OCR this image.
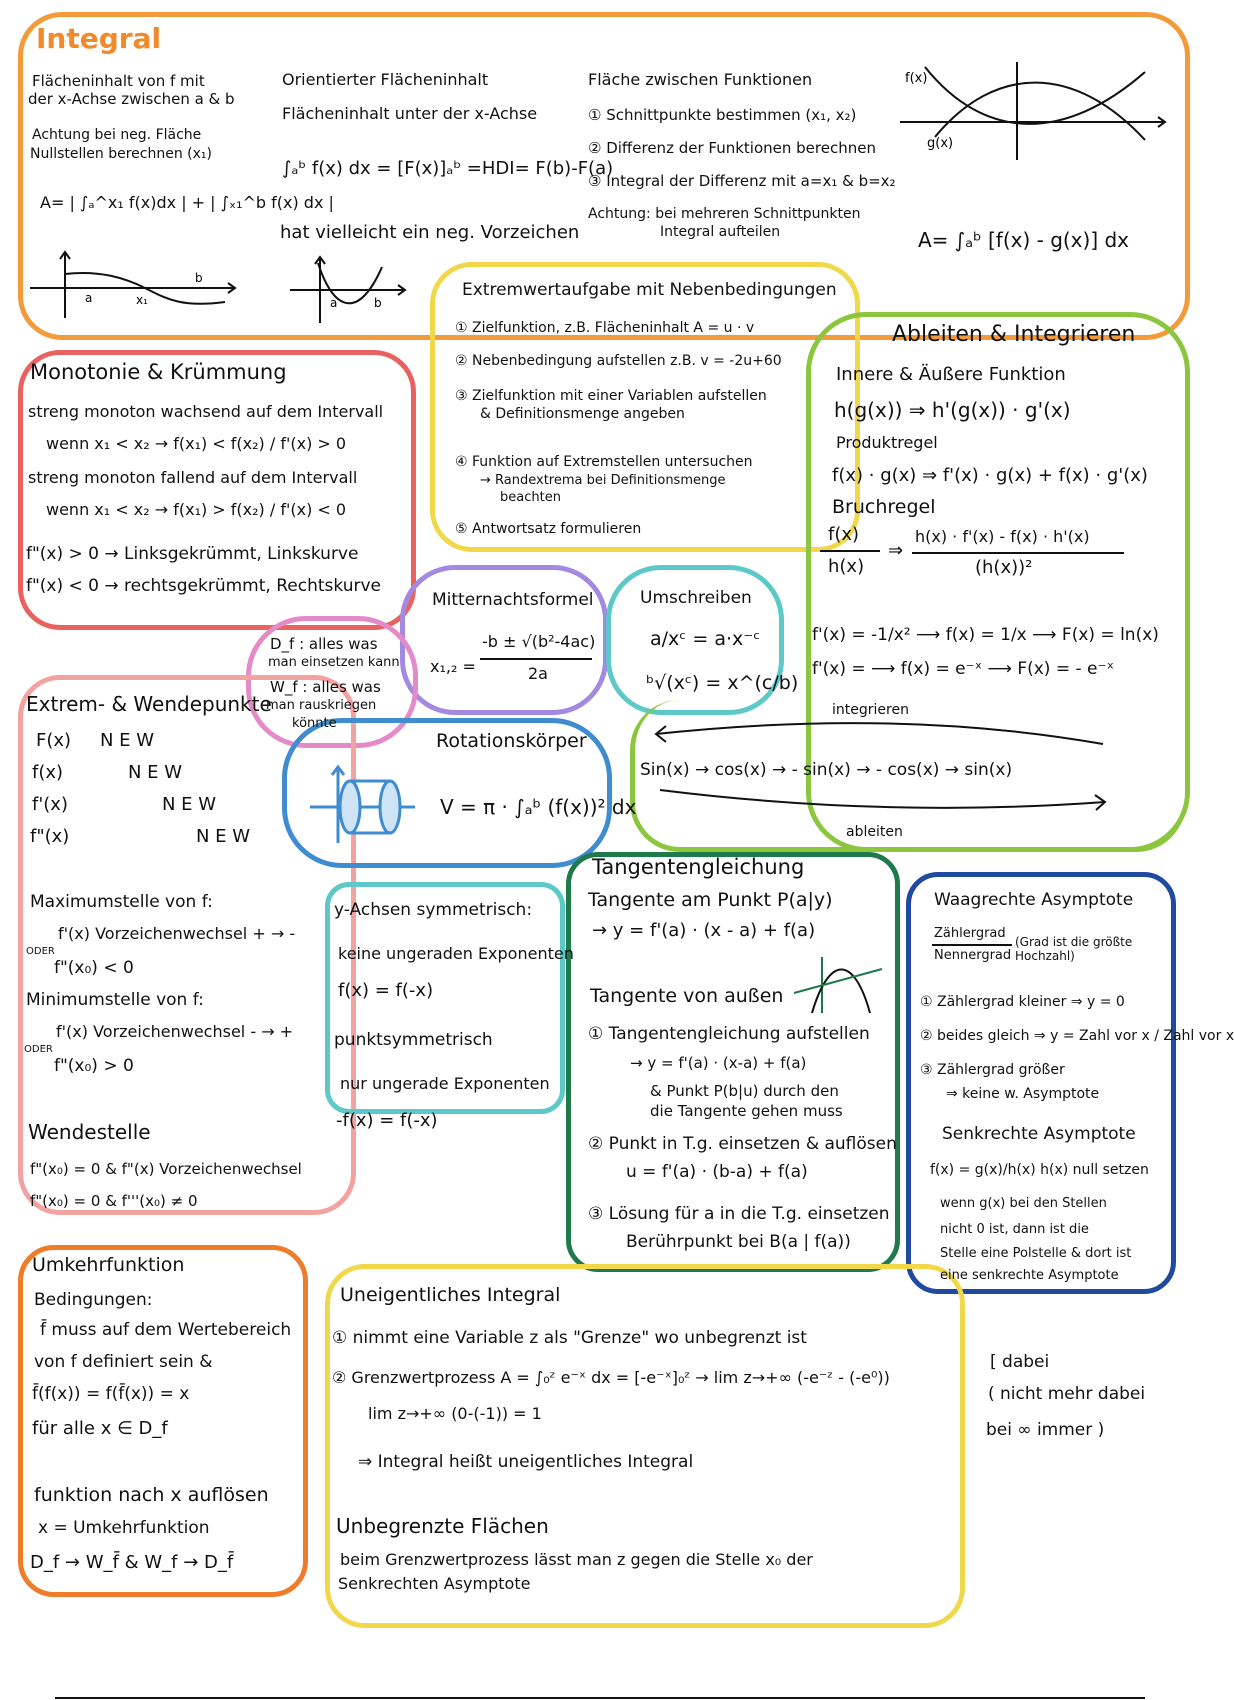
Integral
Flächeninhalt von f mit
der x-Achse zwischen a & b
Achtung bei neg. Fläche
Nullstellen berechnen (x₁)
A= | ∫ₐ^x₁ f(x)dx | + | ∫ₓ₁^b f(x) dx |
a	x₁
b
Orientierter Flächeninhalt
Flächeninhalt unter der x-Achse
∫ₐᵇ f(x) dx = [F(x)]ₐᵇ =HDI= F(b)-F(a)
hat vielleicht ein neg. Vorzeichen
a	b
Fläche zwischen Funktionen
① Schnittpunkte bestimmen (x₁, x₂)
② Differenz der Funktionen berechnen
③ Integral der Differenz mit a=x₁ & b=x₂
Achtung: bei mehreren Schnittpunkten
Integral aufteilen
f(x)
g(x)
A= ∫ₐᵇ [f(x) - g(x)] dx
Extremwertaufgabe mit Nebenbedingungen
① Zielfunktion, z.B. Flächeninhalt A = u · v
② Nebenbedingung aufstellen z.B. v = -2u+60
③ Zielfunktion mit einer Variablen aufstellen
& Definitionsmenge angeben
④ Funktion auf Extremstellen untersuchen
→ Randextrema bei Definitionsmenge
beachten
⑤ Antwortsatz formulieren
Ableiten & Integrieren
Innere & Äußere Funktion
h(g(x)) ⇒ h'(g(x)) · g'(x)
Produktregel
f(x) · g(x) ⇒ f'(x) · g(x) + f(x) · g'(x)
Bruchregel
f(x)
h(x)
⇒
h(x) · f'(x) - f(x) · h'(x)
(h(x))²
f'(x) = -1/x² ⟶ f(x) = 1/x ⟶ F(x) = ln(x)
f'(x) = ⟶ f(x) = e⁻ˣ ⟶ F(x) = - e⁻ˣ
integrieren
Sin(x) → cos(x) → - sin(x) → - cos(x) → sin(x)
ableiten
Monotonie & Krümmung
streng monoton wachsend auf dem Intervall
wenn x₁ < x₂ → f(x₁) < f(x₂) / f'(x) > 0
streng monoton fallend auf dem Intervall
wenn x₁ < x₂ → f(x₁) > f(x₂) / f'(x) < 0
f"(x) > 0 → Linksgekrümmt, Linkskurve
f"(x) < 0 → rechtsgekrümmt, Rechtskurve
Mitternachtsformel
x₁,₂ =
-b ± √(b²-4ac)
2a
Umschreiben
a/xᶜ = a·x⁻ᶜ
ᵇ√(xᶜ) = x^(c/b)
D_f : alles was
man einsetzen kann
W_f : alles was
man rauskriegen
könnte
Extrem- & Wendepunkte
F(x) N E W
f(x)	N E W
f'(x)	N E W
f"(x)	N E W
Maximumstelle von f:
f'(x) Vorzeichenwechsel + → -
ODER
f"(x₀) < 0
Minimumstelle von f:
f'(x) Vorzeichenwechsel - → +
ODER
f"(x₀) > 0
Wendestelle
f"(x₀) = 0 & f"(x) Vorzeichenwechsel
f"(x₀) = 0 & f'''(x₀) ≠ 0
Rotationskörper
V = π · ∫ₐᵇ (f(x))² dx
y-Achsen symmetrisch:
keine ungeraden Exponenten
f(x) = f(-x)
punktsymmetrisch
nur ungerade Exponenten
-f(x) = f(-x)
Tangentengleichung
Tangente am Punkt P(a|y)
→ y = f'(a) · (x - a) + f(a)
Tangente von außen
① Tangentengleichung aufstellen
→ y = f'(a) · (x-a) + f(a)
& Punkt P(b|u) durch den
die Tangente gehen muss
② Punkt in T.g. einsetzen & auflösen
u = f'(a) · (b-a) + f(a)
③ Lösung für a in die T.g. einsetzen
Berührpunkt bei B(a | f(a))
Waagrechte Asymptote
Zählergrad
Nennergrad
(Grad ist die größte Hochzahl)
① Zählergrad kleiner ⇒ y = 0
② beides gleich ⇒ y = Zahl vor x / Zahl vor x
③ Zählergrad größer
⇒ keine w. Asymptote
Senkrechte Asymptote
f(x) = g(x)/h(x) h(x) null setzen
wenn g(x) bei den Stellen
nicht 0 ist, dann ist die
Stelle eine Polstelle & dort ist
eine senkrechte Asymptote
Umkehrfunktion
Bedingungen:
f̄ muss auf dem Wertebereich
von f definiert sein &
f̄(f(x)) = f(f̄(x)) = x
für alle x ∈ D_f
funktion nach x auflösen
x = Umkehrfunktion
D_f → W_f̄ & W_f → D_f̄
Uneigentliches Integral
① nimmt eine Variable z als "Grenze" wo unbegrenzt ist
② Grenzwertprozess A = ∫₀ᶻ e⁻ˣ dx = [-e⁻ˣ]₀ᶻ → lim z→+∞ (-e⁻ᶻ - (-e⁰))
lim z→+∞ (0-(-1)) = 1
⇒ Integral heißt uneigentliches Integral
Unbegrenzte Flächen
beim Grenzwertprozess lässt man z gegen die Stelle x₀ der
Senkrechten Asymptote
[ dabei
( nicht mehr dabei
bei ∞ immer )
